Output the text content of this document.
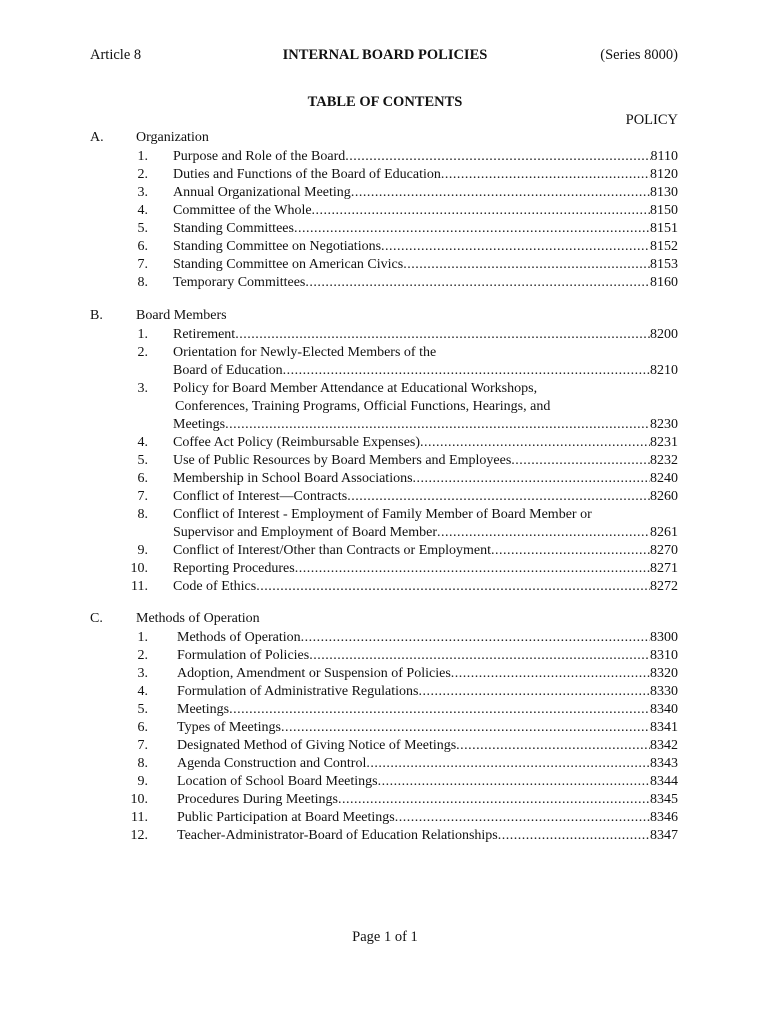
INTERNAL BOARD POLICIES
Article 8	(Series 8000)
TABLE OF CONTENTS
POLICY
A. Organization
1. Purpose and Role of the Board .....	8110
2. Duties and Functions of the Board of Education .....	8120
3. Annual Organizational Meeting .....	8130
4. Committee of the Whole .....	8150
5. Standing Committees .....	8151
6. Standing Committee on Negotiations .....	8152
7. Standing Committee on American Civics .....	8153
8. Temporary Committees .....	8160
B. Board Members
1. Retirement .....	8200
2. Orientation for Newly-Elected Members of the
Board of Education .....	8210
3. Policy for Board Member Attendance at Educational Workshops,
Conferences, Training Programs, Official Functions, Hearings, and
Meetings .....	8230
4. Coffee Act Policy (Reimbursable Expenses) .....	8231
5. Use of Public Resources by Board Members and Employees .....	8232
6. Membership in School Board Associations .....	8240
7. Conflict of Interest—Contracts .....	8260
8. Conflict of Interest - Employment of Family Member of Board Member or
Supervisor and Employment of Board Member .....	8261
9. Conflict of Interest/Other than Contracts or Employment .....	8270
10. Reporting Procedures .....	8271
11. Code of Ethics .....	8272
C. Methods of Operation
1. Methods of Operation .....	8300
2. Formulation of Policies .....	8310
3. Adoption, Amendment or Suspension of Policies .....	8320
4. Formulation of Administrative Regulations .....	8330
5. Meetings .....	8340
6. Types of Meetings .....	8341
7. Designated Method of Giving Notice of Meetings .....	8342
8. Agenda Construction and Control .....	8343
9. Location of School Board Meetings .....	8344
10. Procedures During Meetings .....	8345
11. Public Participation at Board Meetings .....	8346
12. Teacher-Administrator-Board of Education Relationships .....	8347
Page 1 of 1
